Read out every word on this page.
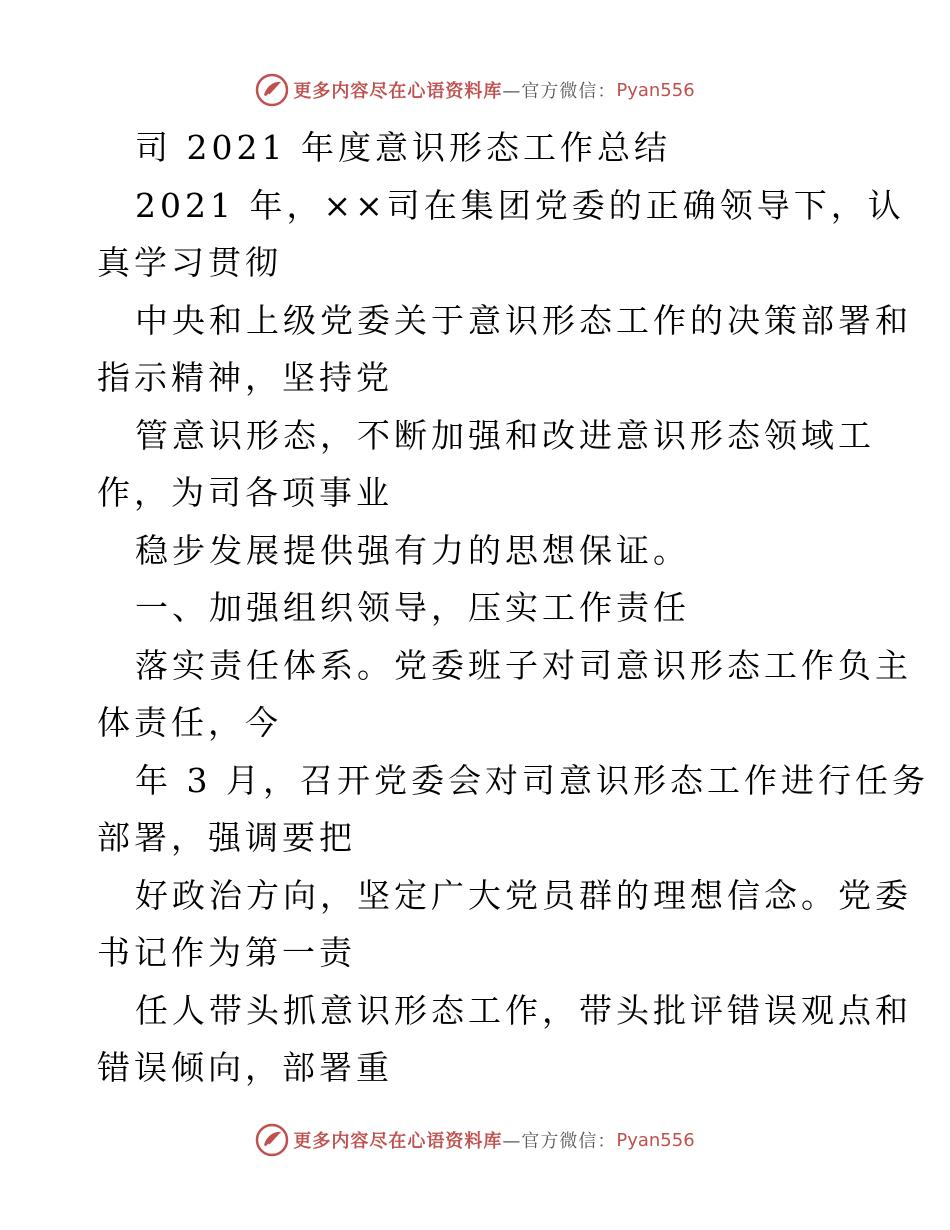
更多内容尽在心语资料库 —官方微信： Pyan556
司 2021 年度意识形态工作总结
2021 年，××司在集团党委的正确领导下，认
真学习贯彻
中央和上级党委关于意识形态工作的决策部署和
指示精神，坚持党
管意识形态，不断加强和改进意识形态领域工
作，为司各项事业
稳步发展提供强有力的思想保证。
一、加强组织领导，压实工作责任
落实责任体系。党委班子对司意识形态工作负主
体责任，今
年 3 月，召开党委会对司意识形态工作进行任务
部署，强调要把
好政治方向，坚定广大党员群的理想信念。党委
书记作为第一责
任人带头抓意识形态工作，带头批评错误观点和
错误倾向，部署重
更多内容尽在心语资料库 —官方微信： Pyan556
